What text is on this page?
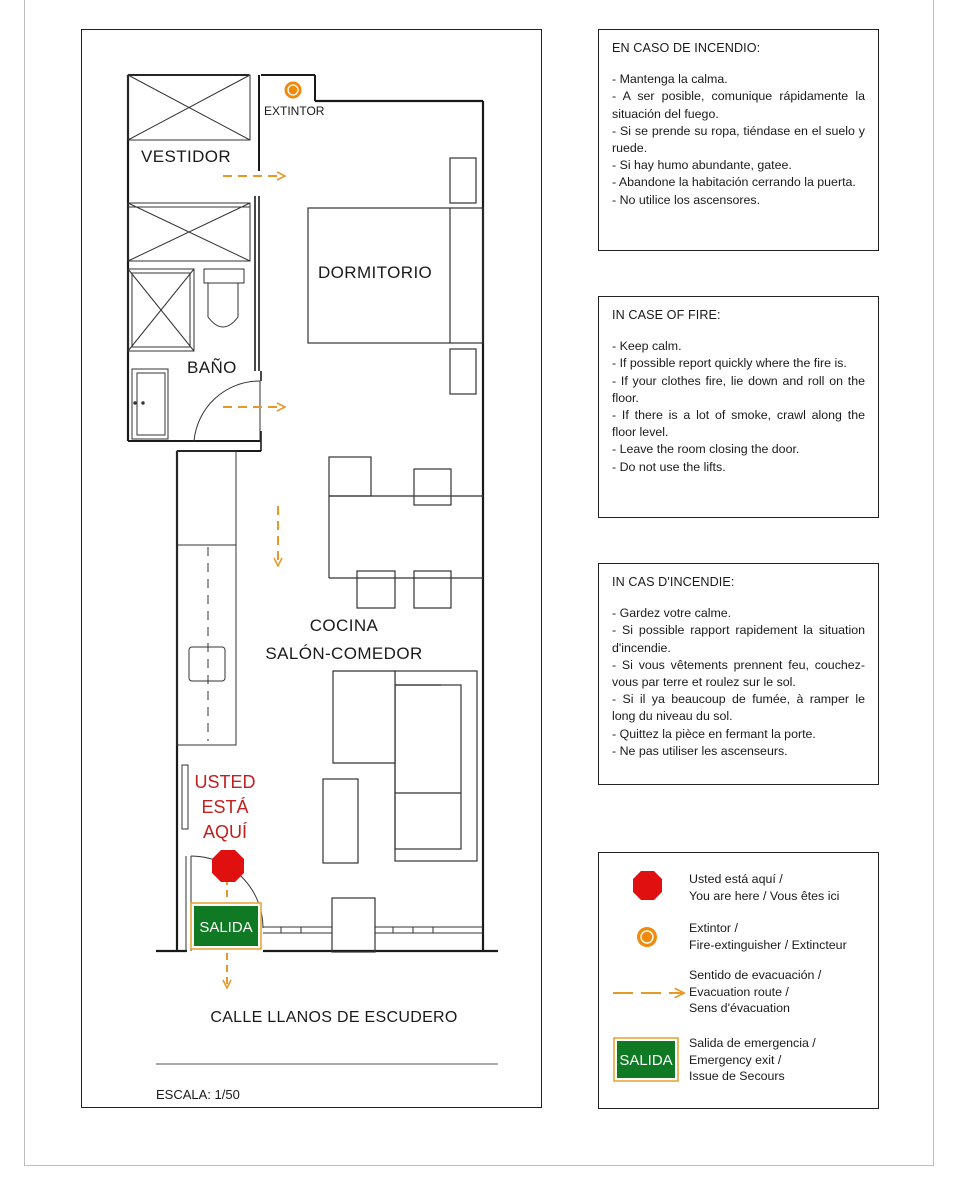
SALIDA
VESTIDOR
DORMITORIO
BAÑO
COCINA
SALÓN-COMEDOR
EXTINTOR
USTED
ESTÁ
AQUÍ
CALLE LLANOS DE ESCUDERO
ESCALA: 1/50
EN CASO DE INCENDIO:
- Mantenga la calma.
- A ser posible, comunique rápidamente la situación del fuego.
- Si se prende su ropa, tiéndase en el suelo y ruede.
- Si hay humo abundante, gatee.
- Abandone la habitación cerrando la puerta.
- No utilice los ascensores.
IN CASE OF FIRE:
- Keep calm.
- If possible report quickly where the fire is.
- If your clothes fire, lie down and roll on the floor.
- If there is a lot of smoke, crawl along the floor level.
- Leave the room closing the door.
- Do not use the lifts.
IN CAS D'INCENDIE:
- Gardez votre calme.
- Si possible rapport rapidement la situation d'incendie.
- Si vous vêtements prennent feu, couchez-vous par terre et roulez sur le sol.
- Si il ya beaucoup de fumée, à ramper le long du niveau du sol.
- Quittez la pièce en fermant la porte.
- Ne pas utiliser les ascenseurs.
SALIDA
Usted está aquí /
You are here / Vous êtes ici
Extintor /
Fire-extinguisher / Extincteur
Sentido de evacuación /
Evacuation route /
Sens d'évacuation
Salida de emergencia /
Emergency exit /
Issue de Secours
